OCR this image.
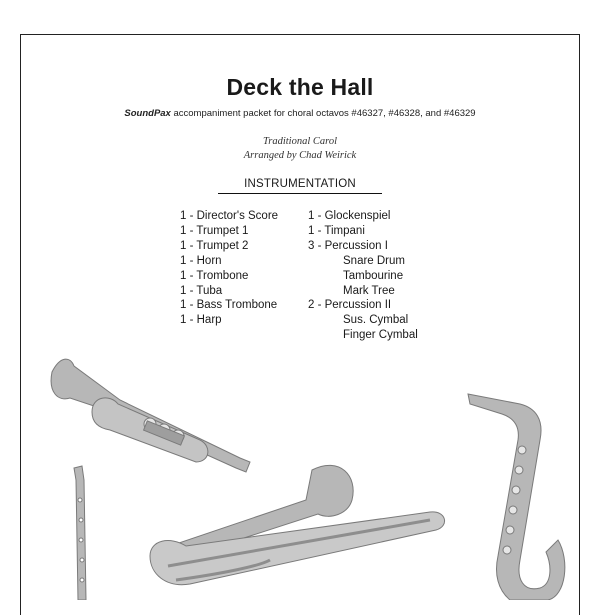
Deck the Hall
SoundPax accompaniment packet for choral octavos #46327, #46328, and #46329
Traditional Carol
Arranged by Chad Weirick
INSTRUMENTATION
1 - Director's Score
1 - Trumpet 1
1 - Trumpet 2
1 - Horn
1 - Trombone
1 - Tuba
1 - Bass Trombone
1 - Harp
1 - Glockenspiel
1 - Timpani
3 - Percussion I
Snare Drum
Tambourine
Mark Tree
2 - Percussion II
Sus. Cymbal
Finger Cymbal
